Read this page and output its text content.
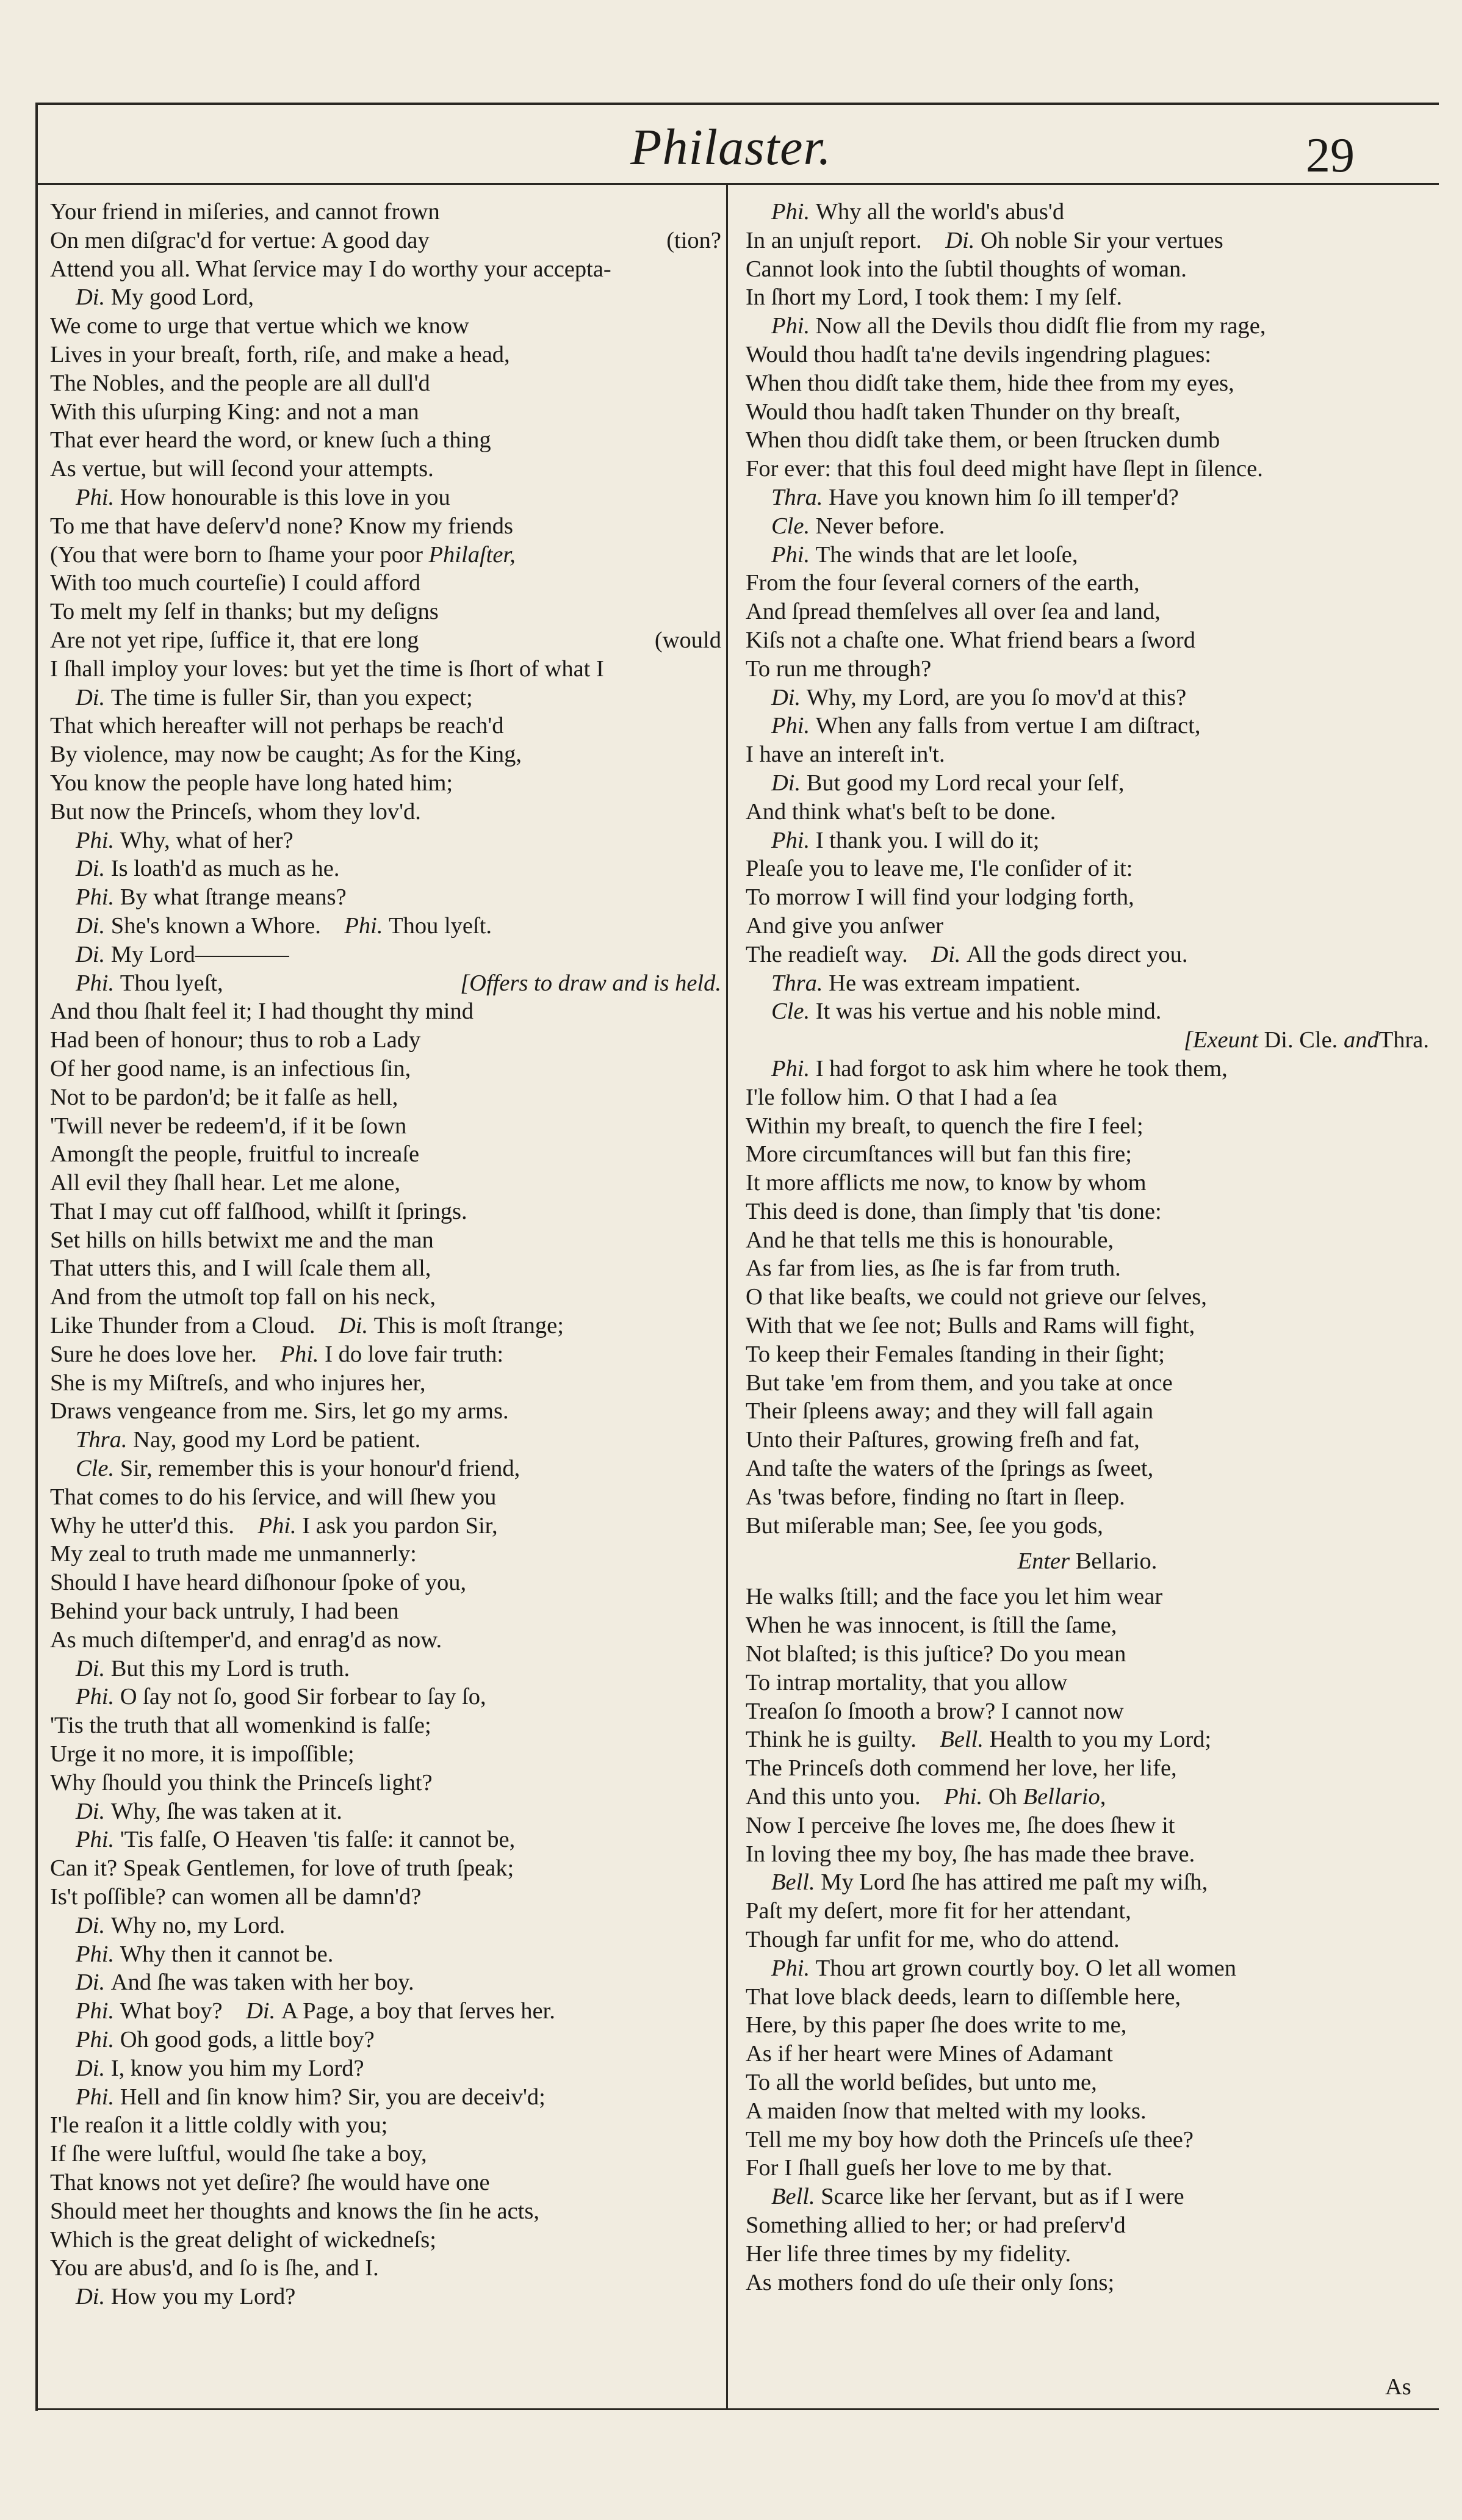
Philaster.	29
Your friend in miſeries, and cannot frown
On men diſgrac'd for vertue: A good day	(tion?
Attend you all. What ſervice may I do worthy your accepta-
Di. My good Lord,
We come to urge that vertue which we know
Lives in your breaſt, forth, riſe, and make a head,
The Nobles, and the people are all dull'd
With this uſurping King: and not a man
That ever heard the word, or knew ſuch a thing
As vertue, but will ſecond your attempts.
Phi. How honourable is this love in you
To me that have deſerv'd none? Know my friends
(You that were born to ſhame your poor Philaſter,
With too much courteſie) I could afford
To melt my ſelf in thanks; but my deſigns
Are not yet ripe, ſuffice it, that ere long	(would
I ſhall imploy your loves: but yet the time is ſhort of what I
Di. The time is fuller Sir, than you expect;
That which hereafter will not perhaps be reach'd
By violence, may now be caught; As for the King,
You know the people have long hated him;
But now the Princeſs, whom they lov'd.
Phi. Why, what of her?
Di. Is loath'd as much as he.
Phi. By what ſtrange means?
Di. She's known a Whore.  Phi. Thou lyeſt.
Di. My Lord————
Phi. Thou lyeſt,	[Offers to draw and is held.
And thou ſhalt feel it; I had thought thy mind
Had been of honour; thus to rob a Lady
Of her good name, is an infectious ſin,
Not to be pardon'd; be it falſe as hell,
'Twill never be redeem'd, if it be ſown
Amongſt the people, fruitful to increaſe
All evil they ſhall hear. Let me alone,
That I may cut off falſhood, whilſt it ſprings.
Set hills on hills betwixt me and the man
That utters this, and I will ſcale them all,
And from the utmoſt top fall on his neck,
Like Thunder from a Cloud.  Di. This is moſt ſtrange;
Sure he does love her.  Phi. I do love fair truth:
She is my Miſtreſs, and who injures her,
Draws vengeance from me. Sirs, let go my arms.
Thra. Nay, good my Lord be patient.
Cle. Sir, remember this is your honour'd friend,
That comes to do his ſervice, and will ſhew you
Why he utter'd this.  Phi. I ask you pardon Sir,
My zeal to truth made me unmannerly:
Should I have heard diſhonour ſpoke of you,
Behind your back untruly, I had been
As much diſtemper'd, and enrag'd as now.
Di. But this my Lord is truth.
Phi. O ſay not ſo, good Sir forbear to ſay ſo,
'Tis the truth that all womenkind is falſe;
Urge it no more, it is impoſſible;
Why ſhould you think the Princeſs light?
Di. Why, ſhe was taken at it.
Phi. 'Tis falſe, O Heaven 'tis falſe: it cannot be,
Can it? Speak Gentlemen, for love of truth ſpeak;
Is't poſſible? can women all be damn'd?
Di. Why no, my Lord.
Phi. Why then it cannot be.
Di. And ſhe was taken with her boy.
Phi. What boy?  Di. A Page, a boy that ſerves her.
Phi. Oh good gods, a little boy?
Di. I, know you him my Lord?
Phi. Hell and ſin know him? Sir, you are deceiv'd;
I'le reaſon it a little coldly with you;
If ſhe were luſtful, would ſhe take a boy,
That knows not yet deſire? ſhe would have one
Should meet her thoughts and knows the ſin he acts,
Which is the great delight of wickedneſs;
You are abus'd, and ſo is ſhe, and I.
Di. How you my Lord?
Phi. Why all the world's abus'd
In an unjuſt report.  Di. Oh noble Sir your vertues
Cannot look into the ſubtil thoughts of woman.
In ſhort my Lord, I took them: I my ſelf.
Phi. Now all the Devils thou didſt flie from my rage,
Would thou hadſt ta'ne devils ingendring plagues:
When thou didſt take them, hide thee from my eyes,
Would thou hadſt taken Thunder on thy breaſt,
When thou didſt take them, or been ſtrucken dumb
For ever: that this foul deed might have ſlept in ſilence.
Thra. Have you known him ſo ill temper'd?
Cle. Never before.
Phi. The winds that are let looſe,
From the four ſeveral corners of the earth,
And ſpread themſelves all over ſea and land,
Kiſs not a chaſte one. What friend bears a ſword
To run me through?
Di. Why, my Lord, are you ſo mov'd at this?
Phi. When any falls from vertue I am diſtract,
I have an intereſt in't.
Di. But good my Lord recal your ſelf,
And think what's beſt to be done.
Phi. I thank you. I will do it;
Pleaſe you to leave me, I'le conſider of it:
To morrow I will find your lodging forth,
And give you anſwer
The readieſt way.  Di. All the gods direct you.
Thra. He was extream impatient.
Cle. It was his vertue and his noble mind.
[Exeunt Di. Cle. andThra.
Phi. I had forgot to ask him where he took them,
I'le follow him. O that I had a ſea
Within my breaſt, to quench the fire I feel;
More circumſtances will but fan this fire;
It more afflicts me now, to know by whom
This deed is done, than ſimply that 'tis done:
And he that tells me this is honourable,
As far from lies, as ſhe is far from truth.
O that like beaſts, we could not grieve our ſelves,
With that we ſee not; Bulls and Rams will fight,
To keep their Females ſtanding in their ſight;
But take 'em from them, and you take at once
Their ſpleens away; and they will fall again
Unto their Paſtures, growing freſh and fat,
And taſte the waters of the ſprings as ſweet,
As 'twas before, finding no ſtart in ſleep.
But miſerable man; See, ſee you gods,
Enter Bellario.
He walks ſtill; and the face you let him wear
When he was innocent, is ſtill the ſame,
Not blaſted; is this juſtice? Do you mean
To intrap mortality, that you allow
Treaſon ſo ſmooth a brow? I cannot now
Think he is guilty.  Bell. Health to you my Lord;
The Princeſs doth commend her love, her life,
And this unto you.  Phi. Oh Bellario,
Now I perceive ſhe loves me, ſhe does ſhew it
In loving thee my boy, ſhe has made thee brave.
Bell. My Lord ſhe has attired me paſt my wiſh,
Paſt my deſert, more fit for her attendant,
Though far unfit for me, who do attend.
Phi. Thou art grown courtly boy. O let all women
That love black deeds, learn to diſſemble here,
Here, by this paper ſhe does write to me,
As if her heart were Mines of Adamant
To all the world beſides, but unto me,
A maiden ſnow that melted with my looks.
Tell me my boy how doth the Princeſs uſe thee?
For I ſhall gueſs her love to me by that.
Bell. Scarce like her ſervant, but as if I were
Something allied to her; or had preſerv'd
Her life three times by my fidelity.
As mothers fond do uſe their only ſons;
As
